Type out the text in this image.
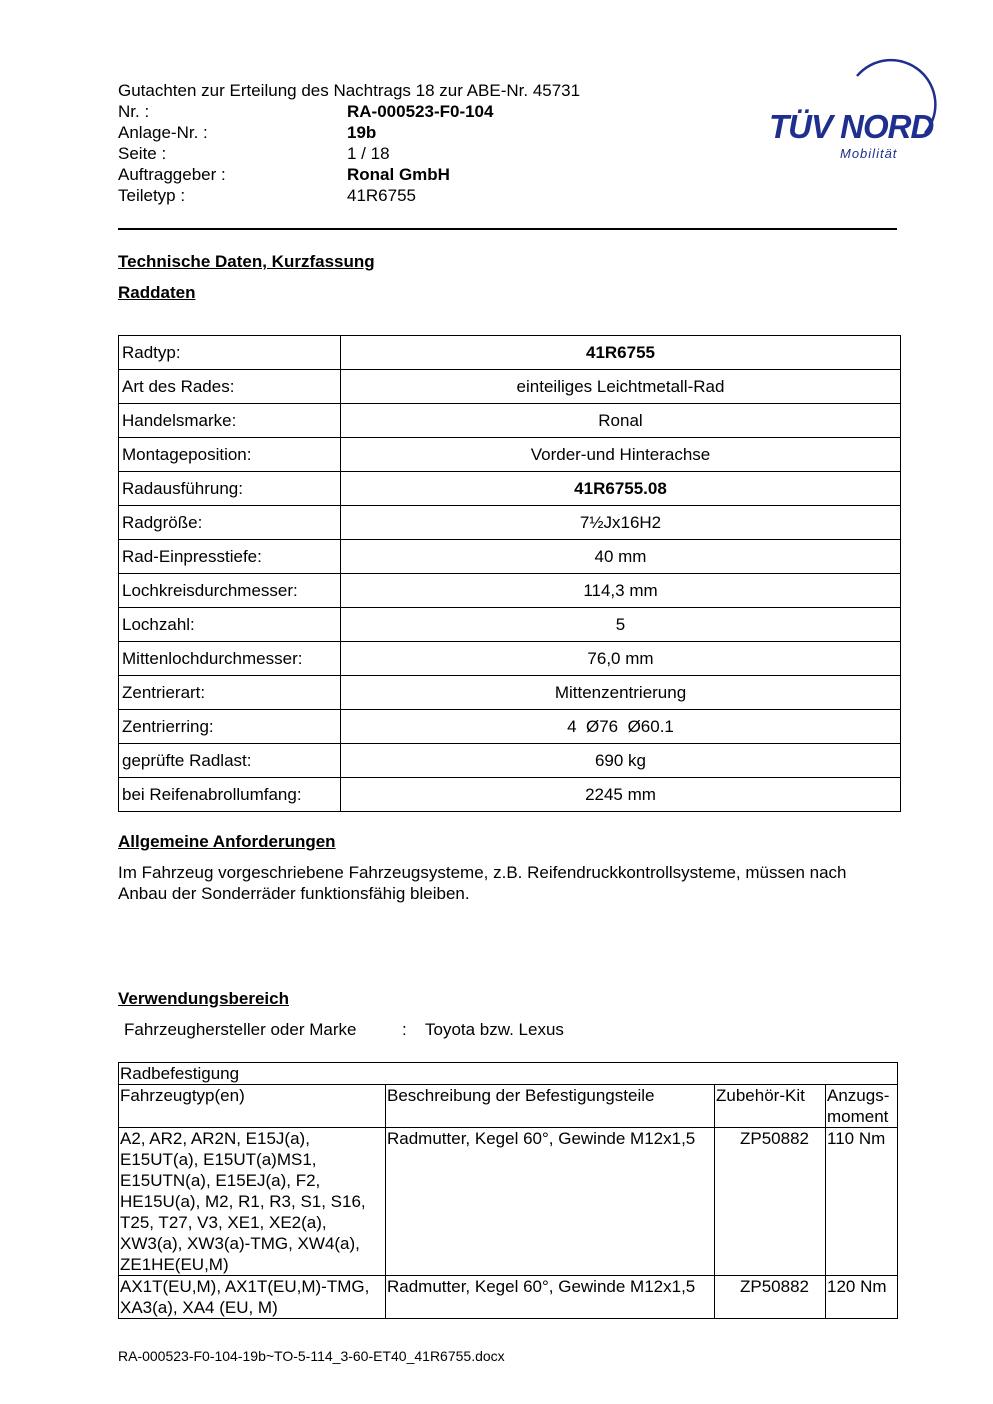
Gutachten zur Erteilung des Nachtrags 18 zur ABE-Nr. 45731
Nr. :	RA-000523-F0-104
Anlage-Nr. :	19b
Seite :	1 / 18
Auftraggeber :	Ronal GmbH
Teiletyp :	41R6755
TÜV NORD
Mobilität
Technische Daten, Kurzfassung
Raddaten
Radtyp:	41R6755
Art des Rades:	einteiliges Leichtmetall-Rad
Handelsmarke:	Ronal
Montageposition:	Vorder-und Hinterachse
Radausführung:	41R6755.08
Radgröße:	7½Jx16H2
Rad-Einpresstiefe:	40 mm
Lochkreisdurchmesser:	114,3 mm
Lochzahl:	5
Mittenlochdurchmesser:	76,0 mm
Zentrierart:	Mittenzentrierung
Zentrierring:	4  Ø76  Ø60.1
geprüfte Radlast:	690 kg
bei Reifenabrollumfang:	2245 mm
Allgemeine Anforderungen
Im Fahrzeug vorgeschriebene Fahrzeugsysteme, z.B. Reifendruckkontrollsysteme, müssen nach Anbau der Sonderräder funktionsfähig bleiben.
Verwendungsbereich
Fahrzeughersteller oder Marke	: Toyota bzw. Lexus
Radbefestigung			
Fahrzeugtyp(en)	Beschreibung der Befestigungsteile	Zubehör-Kit	Anzugs-moment
A2, AR2, AR2N, E15J(a), E15UT(a), E15UT(a)MS1, E15UTN(a), E15EJ(a), F2, HE15U(a), M2, R1, R3, S1, S16, T25, T27, V3, XE1, XE2(a), XW3(a), XW3(a)-TMG, XW4(a), ZE1HE(EU,M)	Radmutter, Kegel 60°, Gewinde M12x1,5	ZP50882	110 Nm
AX1T(EU,M), AX1T(EU,M)-TMG, XA3(a), XA4 (EU, M)	Radmutter, Kegel 60°, Gewinde M12x1,5	ZP50882	120 Nm
RA-000523-F0-104-19b~TO-5-114_3-60-ET40_41R6755.docx
